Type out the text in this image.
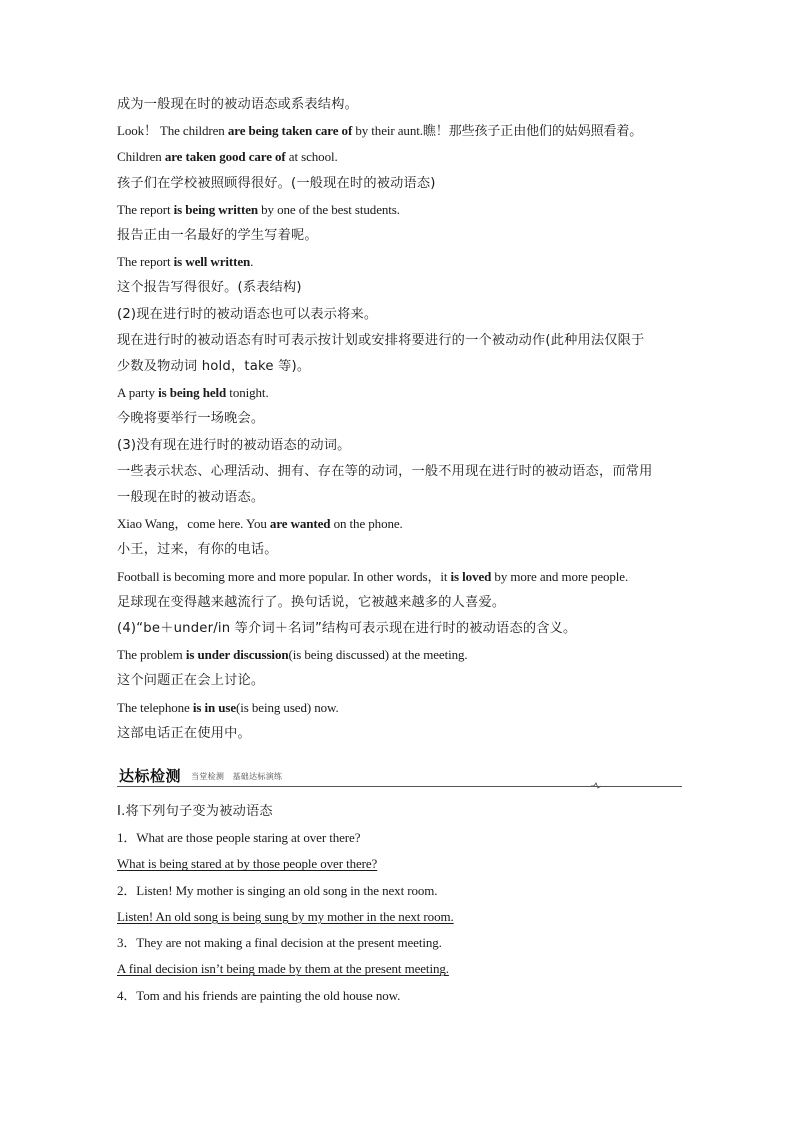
成为一般现在时的被动语态或系表结构。
Look！ The children are being taken care of by their aunt.瞧！那些孩子正由他们的姑妈照看着。
Children are taken good care of at school.
孩子们在学校被照顾得很好。(一般现在时的被动语态)
The report is being written by one of the best students.
报告正由一名最好的学生写着呢。
The report is well written.
这个报告写得很好。(系表结构)
(2)现在进行时的被动语态也可以表示将来。
现在进行时的被动语态有时可表示按计划或安排将要进行的一个被动动作(此种用法仅限于
少数及物动词 hold，take 等)。
A party is being held tonight.
今晚将要举行一场晚会。
(3)没有现在进行时的被动语态的动词。
一些表示状态、心理活动、拥有、存在等的动词，一般不用现在进行时的被动语态，而常用
一般现在时的被动语态。
Xiao Wang，come here. You are wanted on the phone.
小王，过来，有你的电话。
Football is becoming more and more popular. In other words，it is loved by more and more people.
足球现在变得越来越流行了。换句话说，它被越来越多的人喜爱。
(4)“be＋under/in 等介词＋名词”结构可表示现在进行时的被动语态的含义。
The problem is under discussion(is being discussed) at the meeting.
这个问题正在会上讨论。
The telephone is in use(is being used) now.
这部电话正在使用中。
达标检测 当堂检测　基础达标演练
Ⅰ.将下列句子变为被动语态
1．What are those people staring at over there?
What is being stared at by those people over there?
2．Listen! My mother is singing an old song in the next room.
Listen! An old song is being sung by my mother in the next room.
3．They are not making a final decision at the present meeting.
A final decision isn’t being made by them at the present meeting.
4．Tom and his friends are painting the old house now.
